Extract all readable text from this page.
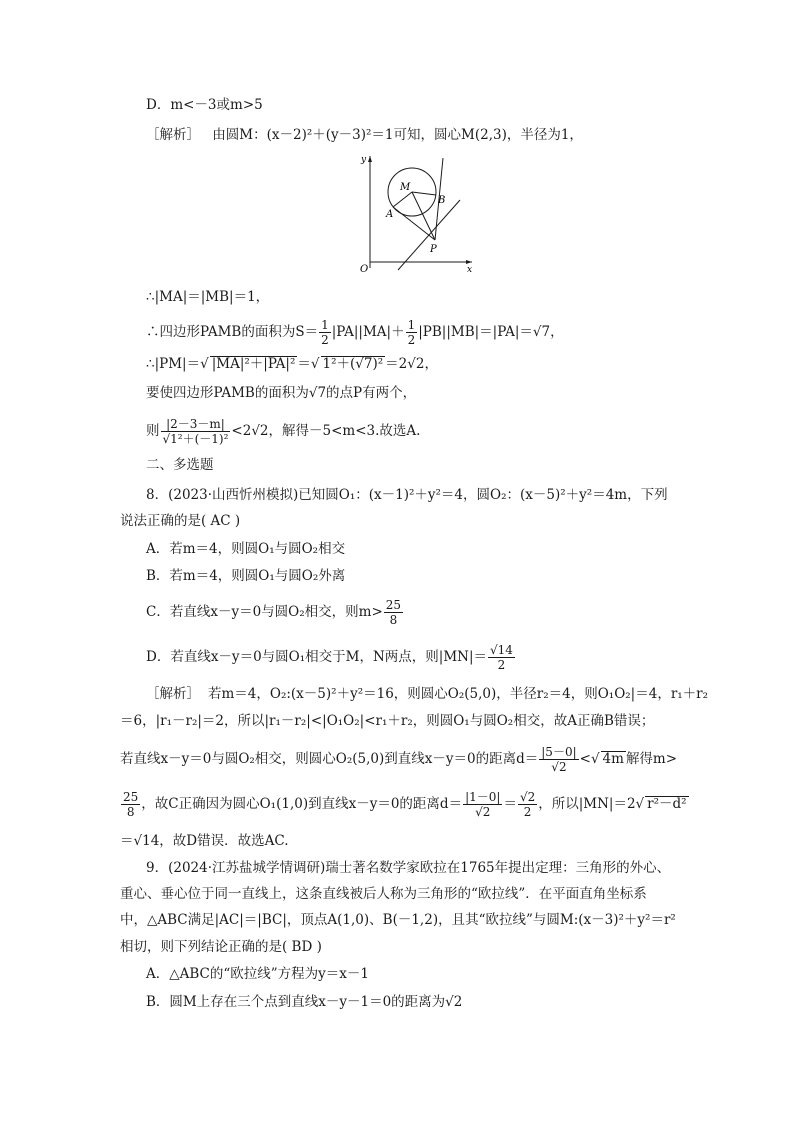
D．m<－3或m>5
［解析］ 由圆M：(x－2)²＋(y－3)²＝1可知，圆心M(2,3)，半径为1，
y
x
O
M
A
B
P
∴|MA|＝|MB|＝1，
∴四边形PAMB的面积为$S= \frac{1}{2} |PA||MA|+ \frac{1}{2} |PB||MB|=|PA|=√7$，
∴|PM|＝√ |MA|²＋|PA|² ＝√ 1²＋(√7)² ＝2√2，
要使四边形PAMB的面积为√7的点P有两个，
则 $\frac{|2-3-m|}{\text{√1²＋(－1)²}} <2√2$，解得－5<m<3.故选A.
二、多选题
8．(2023·山西忻州模拟)已知圆O₁：(x－1)²＋y²＝4，圆O₂：(x－5)²＋y²＝4m，下列
说法正确的是( AC )
A．若m＝4，则圆O₁与圆O₂相交
B．若m＝4，则圆O₁与圆O₂外离
C．若直线x－y＝0与圆O₂相交，则$m> \frac{25}{8}$
D．若直线x－y＝0与圆O₁相交于M，N两点，则$|MN|= \frac{√14}{2}$
［解析］ 若m＝4，O₂:(x－5)²＋y²＝16，则圆心O₂(5,0)，半径r₂＝4，则O₁O₂|＝4，r₁＋r₂
＝6，|r₁－r₂|＝2，所以|r₁－r₂|<|O₁O₂|<r₁＋r₂，则圆O₁与圆O₂相交，故A正确B错误；
若直线x－y＝0与圆O₂相交，则圆心O₂(5,0)到直线x－y＝0的距离$d= \frac{|5-0|}{√2}$ <√ 4m 解得m>
$\frac{25}{8}$ ，故C正确因为圆心O₁(1,0)到直线x－y＝0的距离$d= \frac{|1-0|}{√2} = \frac{√2}{2}$ ，所以|MN|＝2√ r²－d²
＝√14，故D错误．故选AC.
9．(2024·江苏盐城学情调研)瑞士著名数学家欧拉在1765年提出定理：三角形的外心、
重心、垂心位于同一直线上，这条直线被后人称为三角形的“欧拉线”．在平面直角坐标系
中，△ABC满足|AC|＝|BC|，顶点A(1,0)、B(－1,2)，且其“欧拉线”与圆M:(x－3)²＋y²＝r²
相切，则下列结论正确的是( BD )
A．△ABC的“欧拉线”方程为y＝x－1
B．圆M上存在三个点到直线x－y－1＝0的距离为√2
